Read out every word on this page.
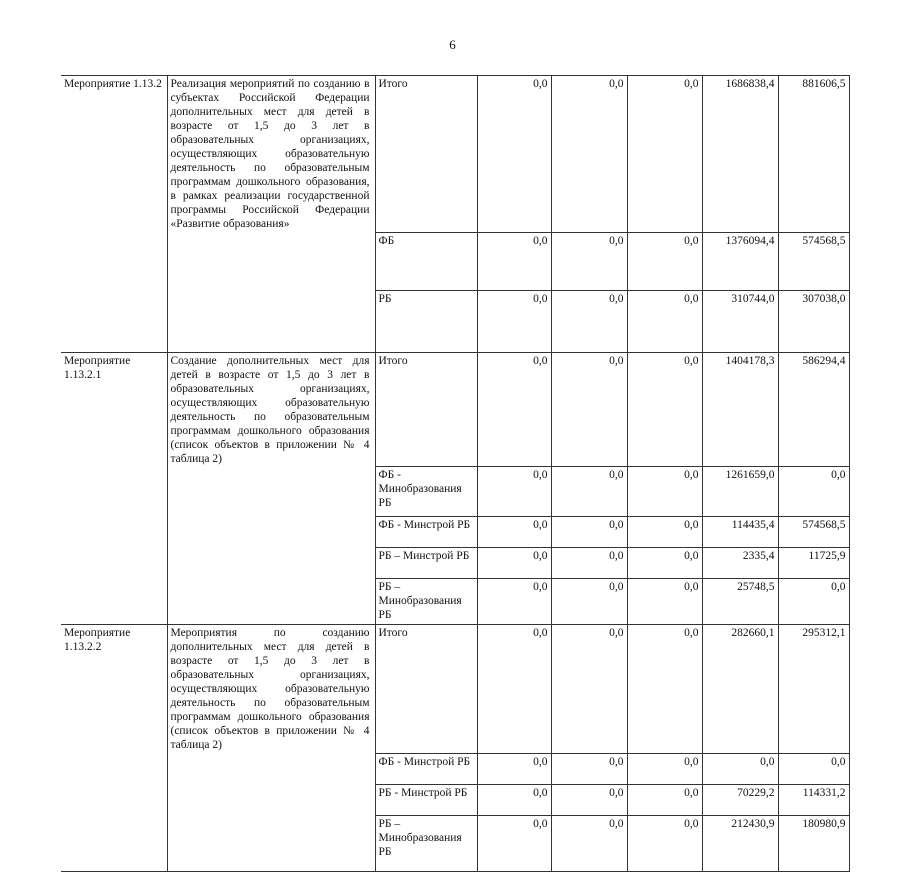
6
Мероприятие 1.13.2	Реализация мероприятий по созданию в субъектах Российской Федерации дополнительных мест для детей в возрасте от 1,5 до 3 лет в образовательных организациях, осуществляющих образовательную деятельность по образовательным программам дошкольного образования, в рамках реализации государственной программы Российской Федерации «Развитие образования»	Итого	0,0	0,0	0,0	1686838,4	881606,5
		ФБ	0,0	0,0	0,0	1376094,4	574568,5
		РБ	0,0	0,0	0,0	310744,0	307038,0
Мероприятие 1.13.2.1	Создание дополнительных мест для детей в возрасте от 1,5 до 3 лет в образовательных организациях, осуществляющих образовательную деятельность по образовательным программам дошкольного образования (список объектов в приложении № 4 таблица 2)	Итого	0,0	0,0	0,0	1404178,3	586294,4
		ФБ - Минобразования РБ	0,0	0,0	0,0	1261659,0	0,0
		ФБ - Минстрой РБ	0,0	0,0	0,0	114435,4	574568,5
		РБ – Минстрой РБ	0,0	0,0	0,0	2335,4	11725,9
		РБ – Минобразования РБ	0,0	0,0	0,0	25748,5	0,0
Мероприятие 1.13.2.2	Мероприятия по созданию дополнительных мест для детей в возрасте от 1,5 до 3 лет в образовательных организациях, осуществляющих образовательную деятельность по образовательным программам дошкольного образования (список объектов в приложении № 4 таблица 2)	Итого	0,0	0,0	0,0	282660,1	295312,1
		ФБ - Минстрой РБ	0,0	0,0	0,0	0,0	0,0
		РБ - Минстрой РБ	0,0	0,0	0,0	70229,2	114331,2
		РБ – Минобразования РБ	0,0	0,0	0,0	212430,9	180980,9
